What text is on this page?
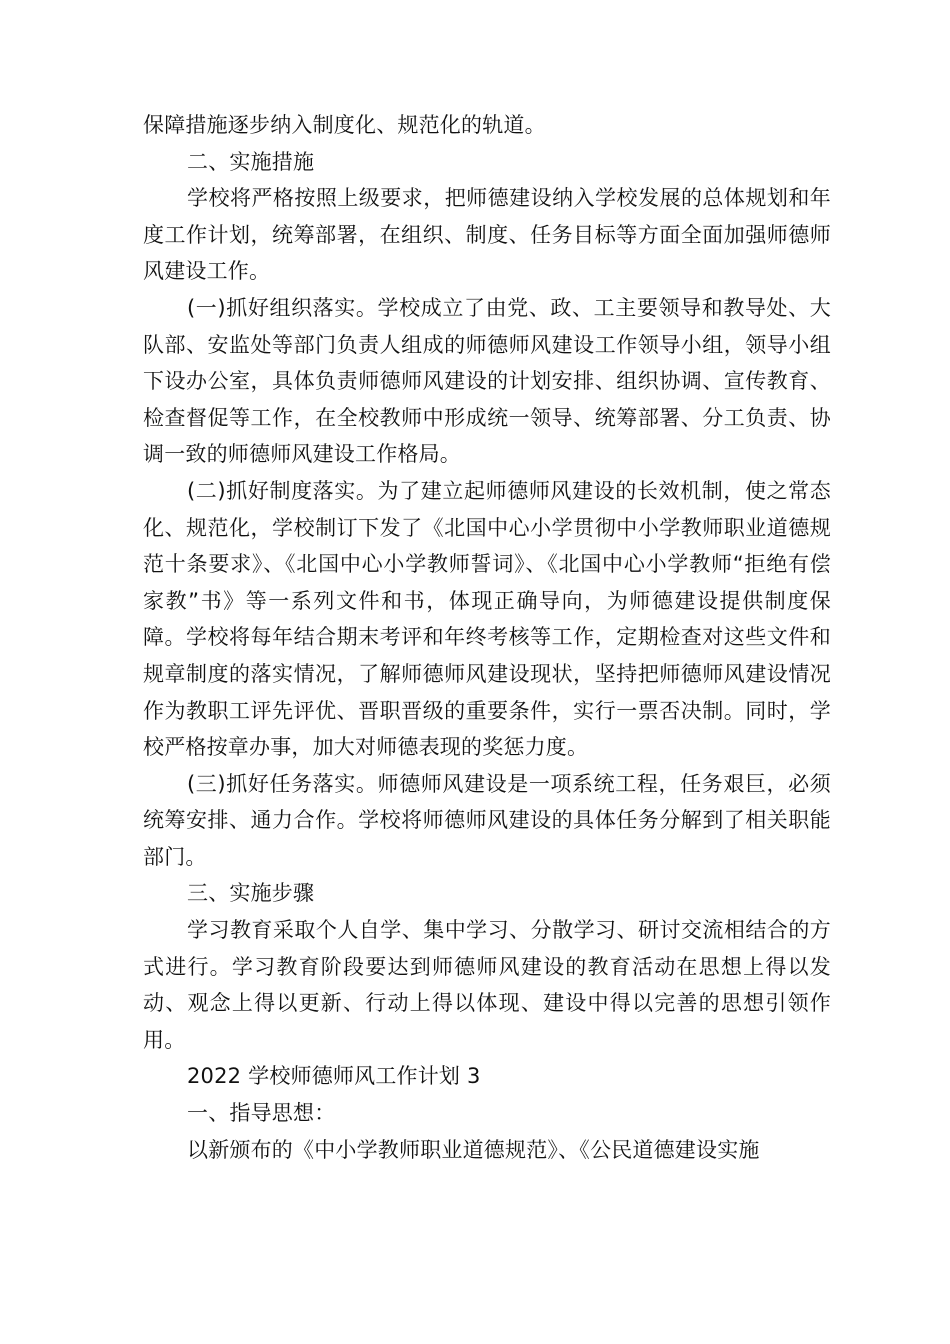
保障措施逐步纳入制度化、规范化的轨道。

二、实施措施

学校将严格按照上级要求，把师德建设纳入学校发展的总体规划和年度工作计划，统筹部署，在组织、制度、任务目标等方面全面加强师德师风建设工作。

(一)抓好组织落实。学校成立了由党、政、工主要领导和教导处、大队部、安监处等部门负责人组成的师德师风建设工作领导小组，领导小组下设办公室，具体负责师德师风建设的计划安排、组织协调、宣传教育、检查督促等工作，在全校教师中形成统一领导、统筹部署、分工负责、协调一致的师德师风建设工作格局。

(二)抓好制度落实。为了建立起师德师风建设的长效机制，使之常态化、规范化，学校制订下发了《北国中心小学贯彻中小学教师职业道德规范十条要求》、《北国中心小学教师誓词》、《北国中心小学教师“拒绝有偿家教”书》等一系列文件和书，体现正确导向，为师德建设提供制度保障。学校将每年结合期末考评和年终考核等工作，定期检查对这些文件和规章制度的落实情况，了解师德师风建设现状，坚持把师德师风建设情况作为教职工评先评优、晋职晋级的重要条件，实行一票否决制。同时，学校严格按章办事，加大对师德表现的奖惩力度。

(三)抓好任务落实。师德师风建设是一项系统工程，任务艰巨，必须统筹安排、通力合作。学校将师德师风建设的具体任务分解到了相关职能部门。

三、实施步骤

学习教育采取个人自学、集中学习、分散学习、研讨交流相结合的方式进行。学习教育阶段要达到师德师风建设的教育活动在思想上得以发动、观念上得以更新、行动上得以体现、建设中得以完善的思想引领作用。

2022 学校师德师风工作计划 3

一、指导思想：

以新颁布的《中小学教师职业道德规范》、《公民道德建设实施
